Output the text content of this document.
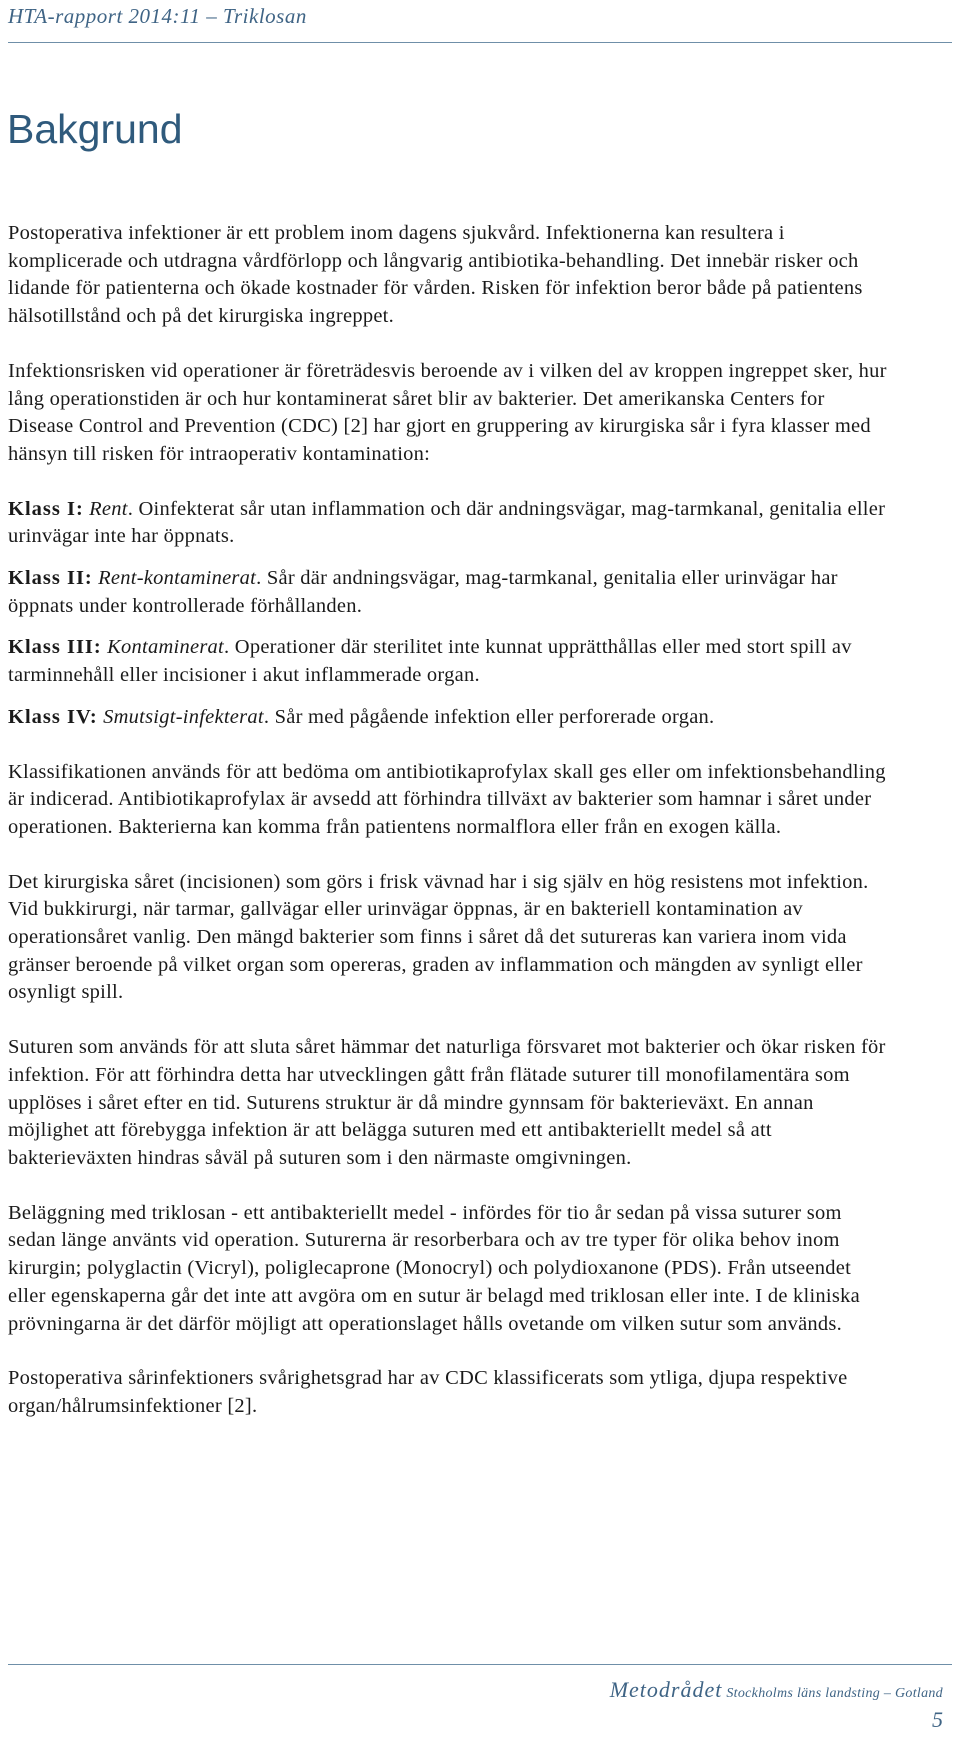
HTA-rapport 2014:11 – Triklosan
Bakgrund

Postoperativa infektioner är ett problem inom dagens sjukvård. Infektionerna kan resultera i komplicerade och utdragna vårdförlopp och långvarig antibiotika-behandling. Det innebär risker och lidande för patienterna och ökade kostnader för vården. Risken för infektion beror både på patientens hälsotillstånd och på det kirurgiska ingreppet.

Infektionsrisken vid operationer är företrädesvis beroende av i vilken del av kroppen ingreppet sker, hur lång operationstiden är och hur kontaminerat såret blir av bakterier. Det amerikanska Centers for Disease Control and Prevention (CDC) [2] har gjort en gruppering av kirurgiska sår i fyra klasser med hänsyn till risken för intraoperativ kontamination:

Klass I: Rent. Oinfekterat sår utan inflammation och där andningsvägar, mag-tarmkanal, genitalia eller urinvägar inte har öppnats.

Klass II: Rent-kontaminerat. Sår där andningsvägar, mag-tarmkanal, genitalia eller urinvägar har öppnats under kontrollerade förhållanden.

Klass III: Kontaminerat. Operationer där sterilitet inte kunnat upprätthållas eller med stort spill av tarminnehåll eller incisioner i akut inflammerade organ.

Klass IV: Smutsigt-infekterat. Sår med pågående infektion eller perforerade organ.

Klassifikationen används för att bedöma om antibiotikaprofylax skall ges eller om infektionsbehandling är indicerad. Antibiotikaprofylax är avsedd att förhindra tillväxt av bakterier som hamnar i såret under operationen. Bakterierna kan komma från patientens normalflora eller från en exogen källa.

Det kirurgiska såret (incisionen) som görs i frisk vävnad har i sig själv en hög resistens mot infektion. Vid bukkirurgi, när tarmar, gallvägar eller urinvägar öppnas, är en bakteriell kontamination av operationsåret vanlig. Den mängd bakterier som finns i såret då det sutureras kan variera inom vida gränser beroende på vilket organ som opereras, graden av inflammation och mängden av synligt eller osynligt spill.

Suturen som används för att sluta såret hämmar det naturliga försvaret mot bakterier och ökar risken för infektion. För att förhindra detta har utvecklingen gått från flätade suturer till monofilamentära som upplöses i såret efter en tid. Suturens struktur är då mindre gynnsam för bakterieväxt. En annan möjlighet att förebygga infektion är att belägga suturen med ett antibakteriellt medel så att bakterieväxten hindras såväl på suturen som i den närmaste omgivningen.

Beläggning med triklosan - ett antibakteriellt medel - infördes för tio år sedan på vissa suturer som sedan länge använts vid operation. Suturerna är resorberbara och av tre typer för olika behov inom kirurgin; polyglactin (Vicryl), poliglecaprone (Monocryl) och polydioxanone (PDS). Från utseendet eller egenskaperna går det inte att avgöra om en sutur är belagd med triklosan eller inte. I de kliniska prövningarna är det därför möjligt att operationslaget hålls ovetande om vilken sutur som används.

Postoperativa sårinfektioners svårighetsgrad har av CDC klassificerats som ytliga, djupa respektive organ/hålrumsinfektioner [2].

Metodrådet Stockholms läns landsting – Gotland
5
